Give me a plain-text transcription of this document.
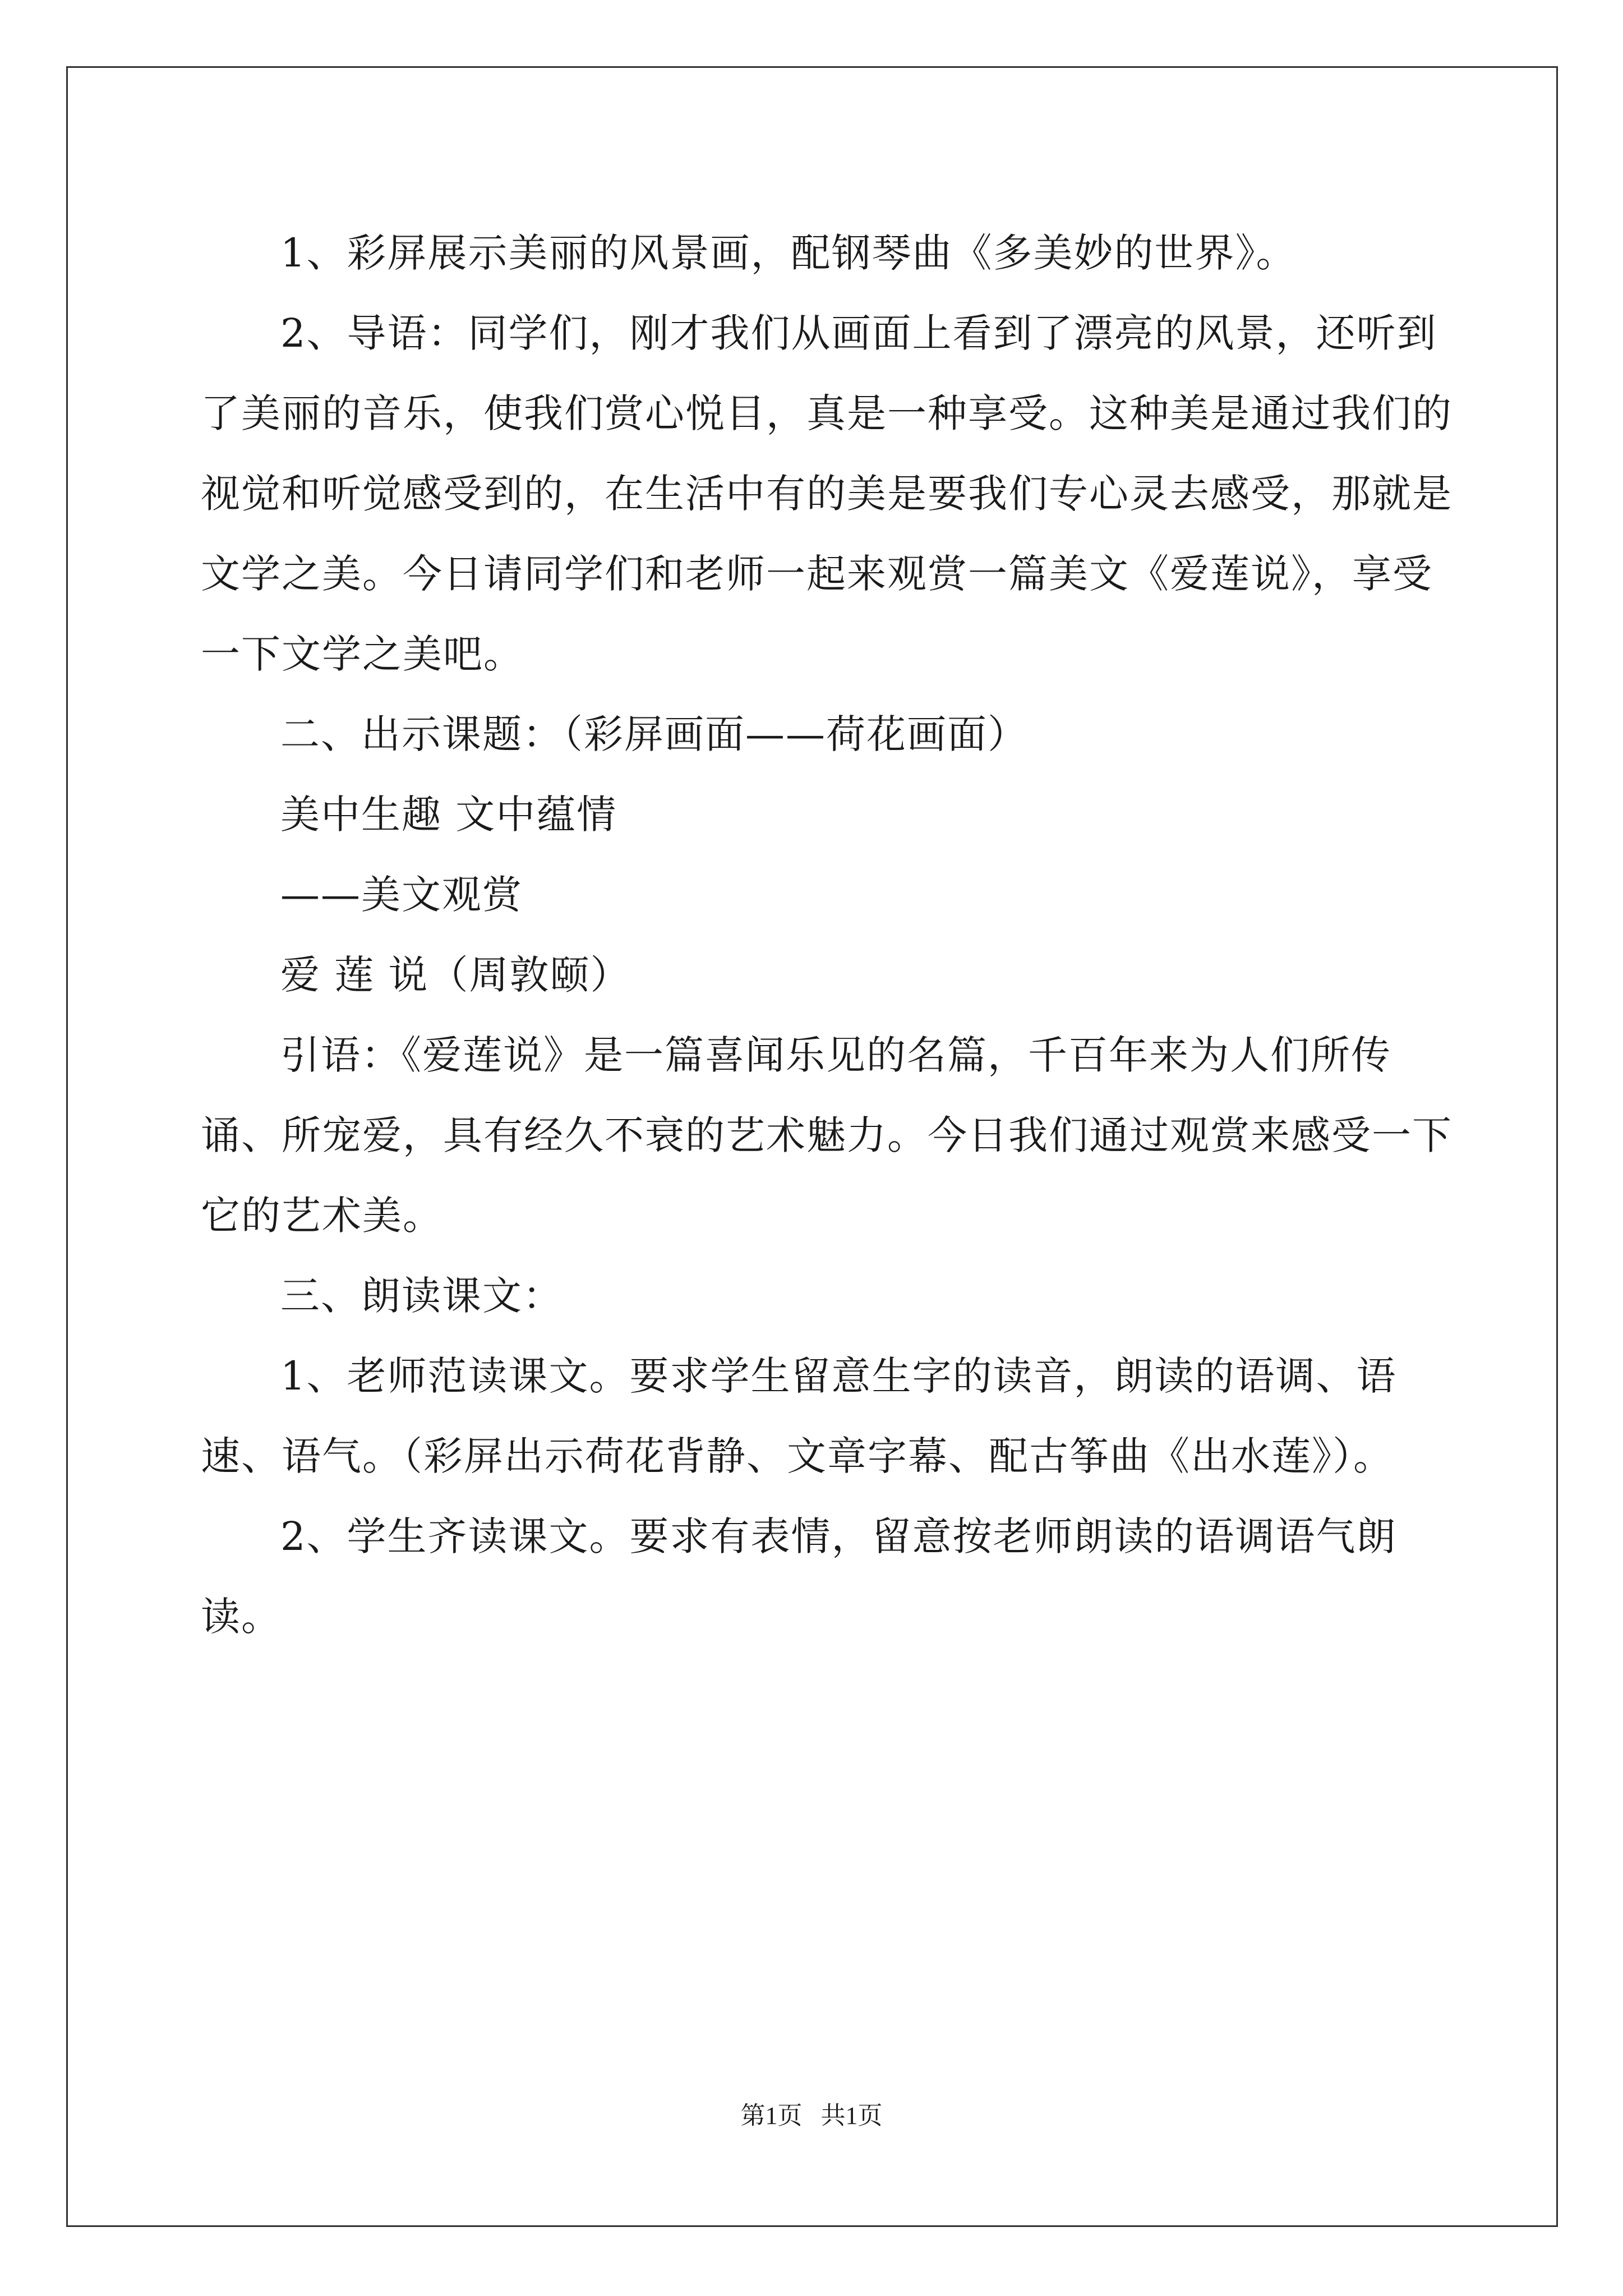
1、彩屏展示美丽的风景画，配钢琴曲《多美妙的世界》。

2、导语：同学们，刚才我们从画面上看到了漂亮的风景，还听到了美丽的音乐，使我们赏心悦目，真是一种享受。这种美是通过我们的视觉和听觉感受到的，在生活中有的美是要我们专心灵去感受，那就是文学之美。今日请同学们和老师一起来观赏一篇美文《爱莲说》，享受一下文学之美吧。

二、出示课题：（彩屏画面——荷花画面）

美中生趣 文中蕴情

——美文观赏

爱 莲 说（周敦颐）

引语：《爱莲说》是一篇喜闻乐见的名篇，千百年来为人们所传诵、所宠爱，具有经久不衰的艺术魅力。今日我们通过观赏来感受一下它的艺术美。

三、朗读课文：

1、老师范读课文。要求学生留意生字的读音，朗读的语调、语速、语气。（彩屏出示荷花背静、文章字幕、配古筝曲《出水莲》）。

2、学生齐读课文。要求有表情，留意按老师朗读的语调语气朗读。

第1页   共1页
